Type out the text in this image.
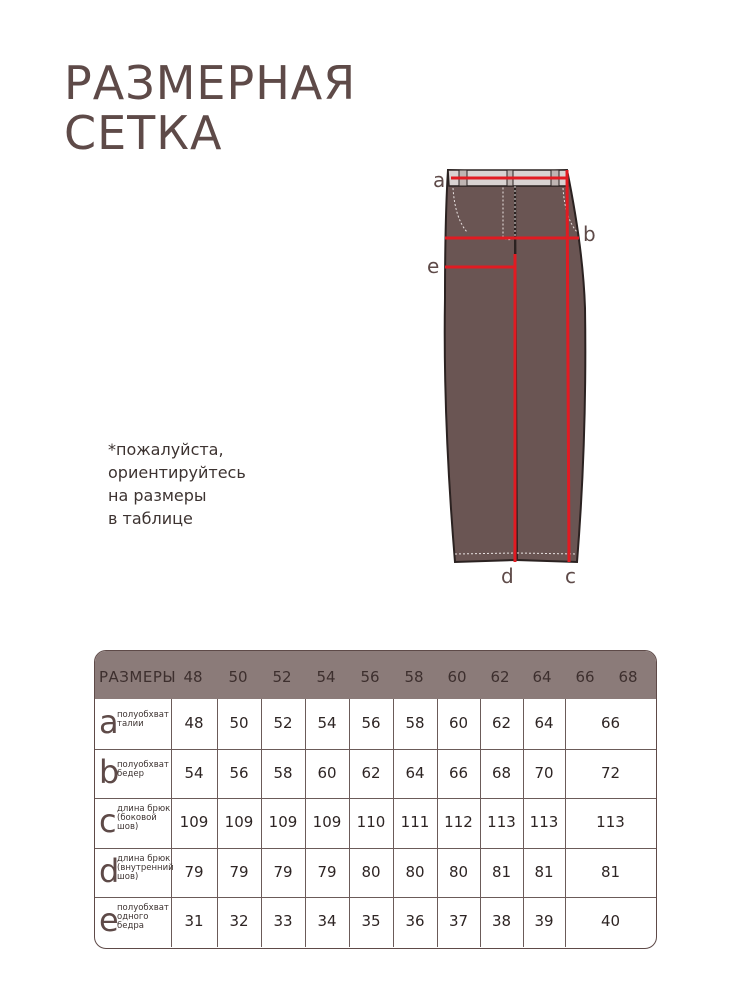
РАЗМЕРНАЯ
СЕТКА
*пожалуйста,
ориентируйтесь
на размеры
в таблице
a
b
e
d	c
РАЗМЕРЫ 48	50	52	54	56	58	60	62	64	66	68
a
полуобхват
талии	48	50	52	54	56	58	60	62	64	66
b
полуобхват
бедер	54	56	58	60	62	64	66	68	70	72
c длина брюк
(боковой
шов)	109	109	109	109	110	111 112 113 113	113
d
длина брюк
(внутренний
шов)	79	79	79	79	80	80	80	81	81	81
e
полуобхват
одного
бедра	31	32	33	34	35	36	37	38	39	40
